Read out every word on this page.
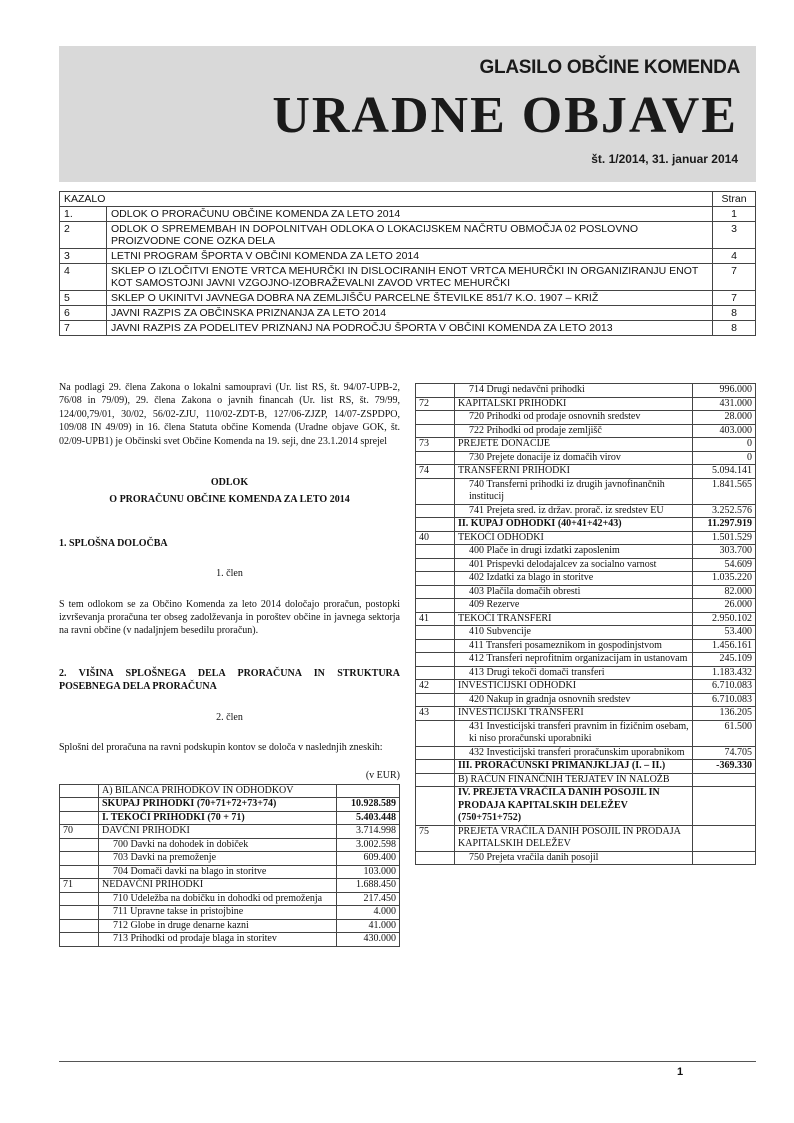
GLASILO OBČINE KOMENDA
URADNE OBJAVE
št. 1/2014, 31. januar 2014
KAZALO		Stran
1.	ODLOK O PRORAČUNU OBČINE KOMENDA ZA LETO 2014	1
2	ODLOK O SPREMEMBAH IN DOPOLNITVAH ODLOKA O LOKACIJSKEM NAČRTU OBMOČJA 02 POSLOVNO PROIZVODNE CONE OZKA DELA	3
3	LETNI PROGRAM ŠPORTA V OBČINI KOMENDA ZA LETO 2014	4
4	SKLEP O IZLOČITVI ENOTE VRTCA MEHURČKI IN DISLOCIRANIH ENOT VRTCA MEHURČKI IN ORGANIZIRANJU ENOT KOT SAMOSTOJNI JAVNI VZGOJNO-IZOBRAŽEVALNI ZAVOD VRTEC MEHURČKI	7
5	SKLEP O UKINITVI JAVNEGA DOBRA NA ZEMLJIŠČU PARCELNE ŠTEVILKE 851/7 K.O. 1907 – KRIŽ	7
6	JAVNI RAZPIS ZA OBČINSKA PRIZNANJA ZA LETO 2014	8
7	JAVNI RAZPIS ZA PODELITEV PRIZNANJ NA PODROČJU ŠPORTA V OBČINI KOMENDA ZA LETO 2013	8

Na podlagi 29. člena Zakona o lokalni samoupravi (Ur. list RS, št. 94/07-UPB-2, 76/08 in 79/09), 29. člena Zakona o javnih financah (Ur. list RS, št. 79/99, 124/00,79/01, 30/02, 56/02-ZJU, 110/02-ZDT-B, 127/06-ZJZP, 14/07-ZSPDPO, 109/08 IN 49/09) in 16. člena Statuta občine Komenda (Uradne objave GOK, št. 02/09-UPB1) je Občinski svet Občine Komenda na 19. seji, dne 23.1.2014 sprejel

ODLOK

O PRORAČUNU OBČINE KOMENDA ZA LETO 2014

1. SPLOŠNA DOLOČBA

1. člen

S tem odlokom se za Občino Komenda za leto 2014 določajo proračun, postopki izvrševanja proračuna ter obseg zadolževanja in poroštev občine in javnega sektorja na ravni občine (v nadaljnjem besedilu proračun).

2. VIŠINA SPLOŠNEGA DELA PRORAČUNA IN STRUKTURA POSEBNEGA DELA PRORAČUNA

2. člen

Splošni del proračuna na ravni podskupin kontov se določa v naslednjih zneskih:

(v EUR)

	A) BILANCA PRIHODKOV IN ODHODKOV	
	SKUPAJ PRIHODKI (70+71+72+73+74)	10.928.589
	I. TEKOČI PRIHODKI (70 + 71)	5.403.448
70	DAVČNI PRIHODKI	3.714.998
	700 Davki na dohodek in dobiček	3.002.598
	703 Davki na premoženje	609.400
	704 Domači davki na blago in storitve	103.000
71	NEDAVČNI PRIHODKI	1.688.450
	710 Udeležba na dobičku in dohodki od premoženja	217.450
	711 Upravne takse in pristojbine	4.000
	712 Globe in druge denarne kazni	41.000
	713 Prihodki od prodaje blaga in storitev	430.000
	714 Drugi nedavčni prihodki	996.000
72	KAPITALSKI PRIHODKI	431.000
	720 Prihodki od prodaje osnovnih sredstev	28.000
	722 Prihodki od prodaje zemljišč	403.000
73	PREJETE DONACIJE	0
	730 Prejete donacije iz domačih virov	0
74	TRANSFERNI PRIHODKI	5.094.141
	740 Transferni prihodki iz drugih javnofinančnih institucij	1.841.565
	741 Prejeta sred. iz držav. prorač. iz sredstev EU	3.252.576
	II. KUPAJ ODHODKI (40+41+42+43)	11.297.919
40	TEKOČI ODHODKI	1.501.529
	400 Plače in drugi izdatki zaposlenim	303.700
	401 Prispevki delodajalcev za socialno varnost	54.609
	402 Izdatki za blago in storitve	1.035.220
	403 Plačila domačih obresti	82.000
	409 Rezerve	26.000
41	TEKOČI TRANSFERI	2.950.102
	410 Subvencije	53.400
	411 Transferi posameznikom in gospodinjstvom	1.456.161
	412 Transferi neprofitnim organizacijam in ustanovam	245.109
	413 Drugi tekoči domači transferi	1.183.432
42	INVESTICIJSKI ODHODKI	6.710.083
	420 Nakup in gradnja osnovnih sredstev	6.710.083
43	INVESTICIJSKI TRANSFERI	136.205
	431 Investicijski transferi pravnim in fizičnim osebam, ki niso proračunski uporabniki	61.500
	432 Investicijski transferi proračunskim uporabnikom	74.705
	III. PRORAČUNSKI PRIMANJKLJAJ (I. – II.)	-369.330
	B) RAČUN FINANČNIH TERJATEV IN NALOŽB	
	IV. PREJETA VRAČILA DANIH POSOJIL IN PRODAJA KAPITALSKIH DELEŽEV (750+751+752)	
75	PREJETA VRAČILA DANIH POSOJIL IN PRODAJA KAPITALSKIH DELEŽEV	
	750 Prejeta vračila danih posojil	
1
